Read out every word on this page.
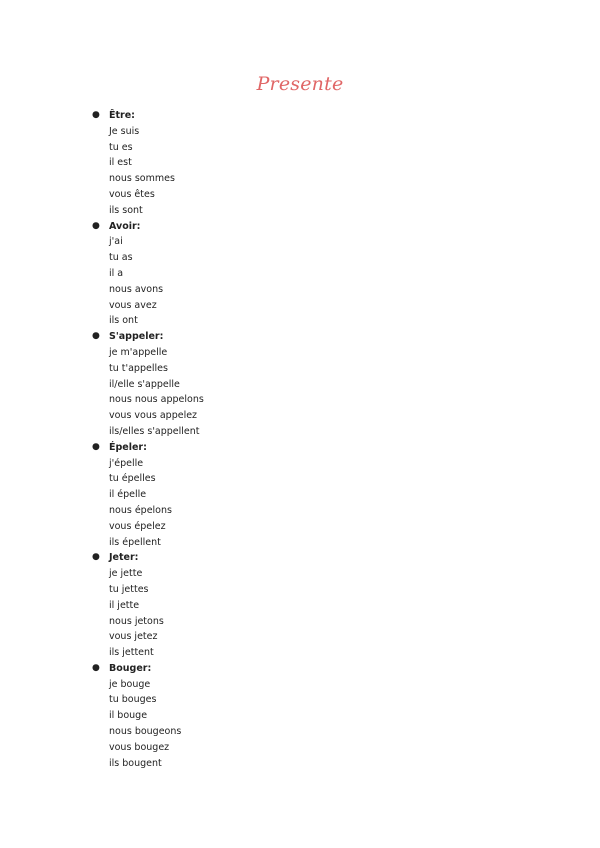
Presente
● Être:
Je suis
tu es
il est
nous sommes
vous êtes
ils sont
● Avoir:
j'ai
tu as
il a
nous avons
vous avez
ils ont
● S'appeler:
je m'appelle
tu t'appelles
il/elle s'appelle
nous nous appelons
vous vous appelez
ils/elles s'appellent
● Épeler:
j'épelle
tu épelles
il épelle
nous épelons
vous épelez
ils épellent
● Jeter:
je jette
tu jettes
il jette
nous jetons
vous jetez
ils jettent
● Bouger:
je bouge
tu bouges
il bouge
nous bougeons
vous bougez
ils bougent
